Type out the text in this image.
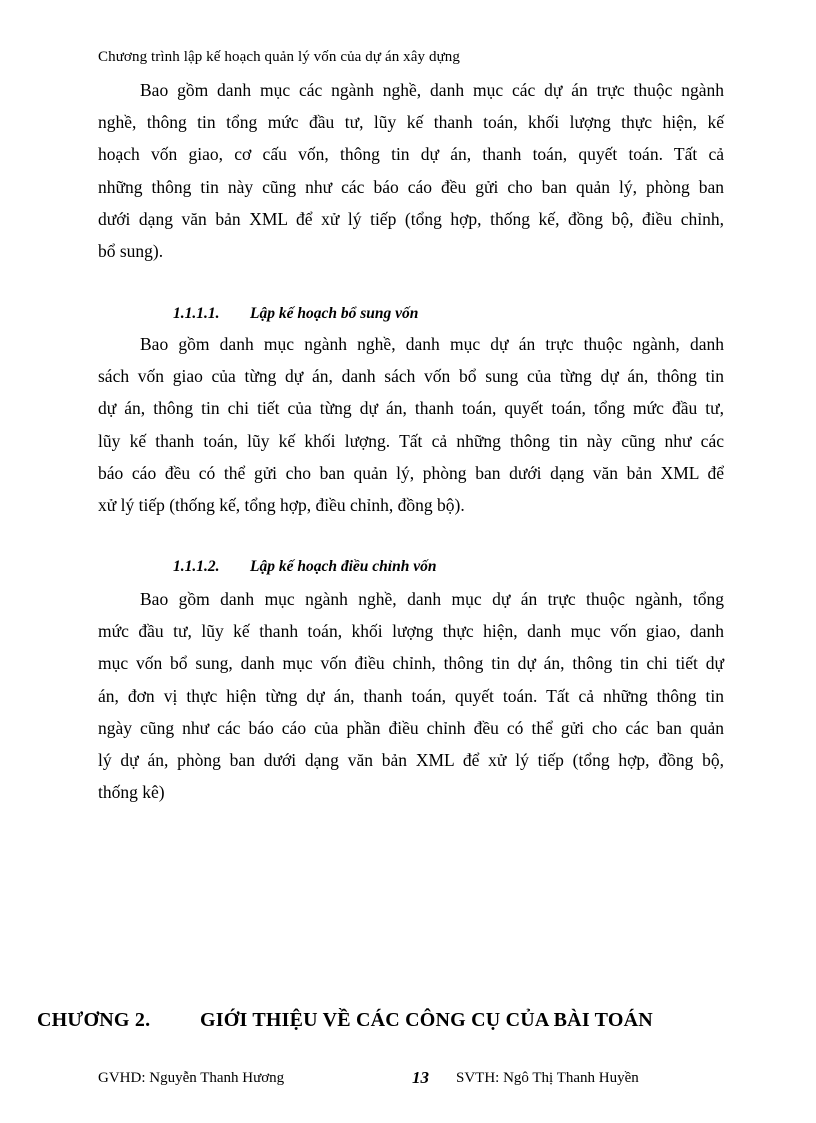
Chương trình lập kế hoạch quản lý vốn của dự án xây dựng
Bao gồm danh mục các ngành nghề, danh mục các dự án trực thuộc ngành
nghề, thông tin tổng mức đầu tư, lũy kế thanh toán, khối lượng thực hiện, kế
hoạch vốn giao, cơ cấu vốn, thông tin dự án, thanh toán, quyết toán. Tất cả
những thông tin này cũng như các báo cáo đều gửi cho ban quản lý, phòng ban
dưới dạng văn bản XML để xử lý tiếp (tổng hợp, thống kế, đồng bộ, điều chỉnh,
bổ sung).
1.1.1.1. Lập kế hoạch bổ sung vốn
Bao gồm danh mục ngành nghề, danh mục dự án trực thuộc ngành, danh
sách vốn giao của từng dự án, danh sách vốn bổ sung của từng dự án, thông tin
dự án, thông tin chi tiết của từng dự án, thanh toán, quyết toán, tổng mức đầu tư,
lũy kế thanh toán, lũy kế khối lượng. Tất cả những thông tin này cũng như các
báo cáo đều có thể gửi cho ban quản lý, phòng ban dưới dạng văn bản XML để
xử lý tiếp (thống kế, tổng hợp, điều chỉnh, đồng bộ).
1.1.1.2. Lập kế hoạch điều chỉnh vốn
Bao gồm danh mục ngành nghề, danh mục dự án trực thuộc ngành, tổng
mức đầu tư, lũy kế thanh toán, khối lượng thực hiện, danh mục vốn giao, danh
mục vốn bổ sung, danh mục vốn điều chỉnh, thông tin dự án, thông tin chi tiết dự
án, đơn vị thực hiện từng dự án, thanh toán, quyết toán. Tất cả những thông tin
ngày cũng như các báo cáo của phần điều chỉnh đều có thể gửi cho các ban quản
lý dự án, phòng ban dưới dạng văn bản XML để xử lý tiếp (tổng hợp, đồng bộ,
thống kê)
CHƯƠNG 2. GIỚI THIỆU VỀ CÁC CÔNG CỤ CỦA BÀI TOÁN
GVHD: Nguyễn Thanh Hương	13 SVTH: Ngô Thị Thanh Huyền
